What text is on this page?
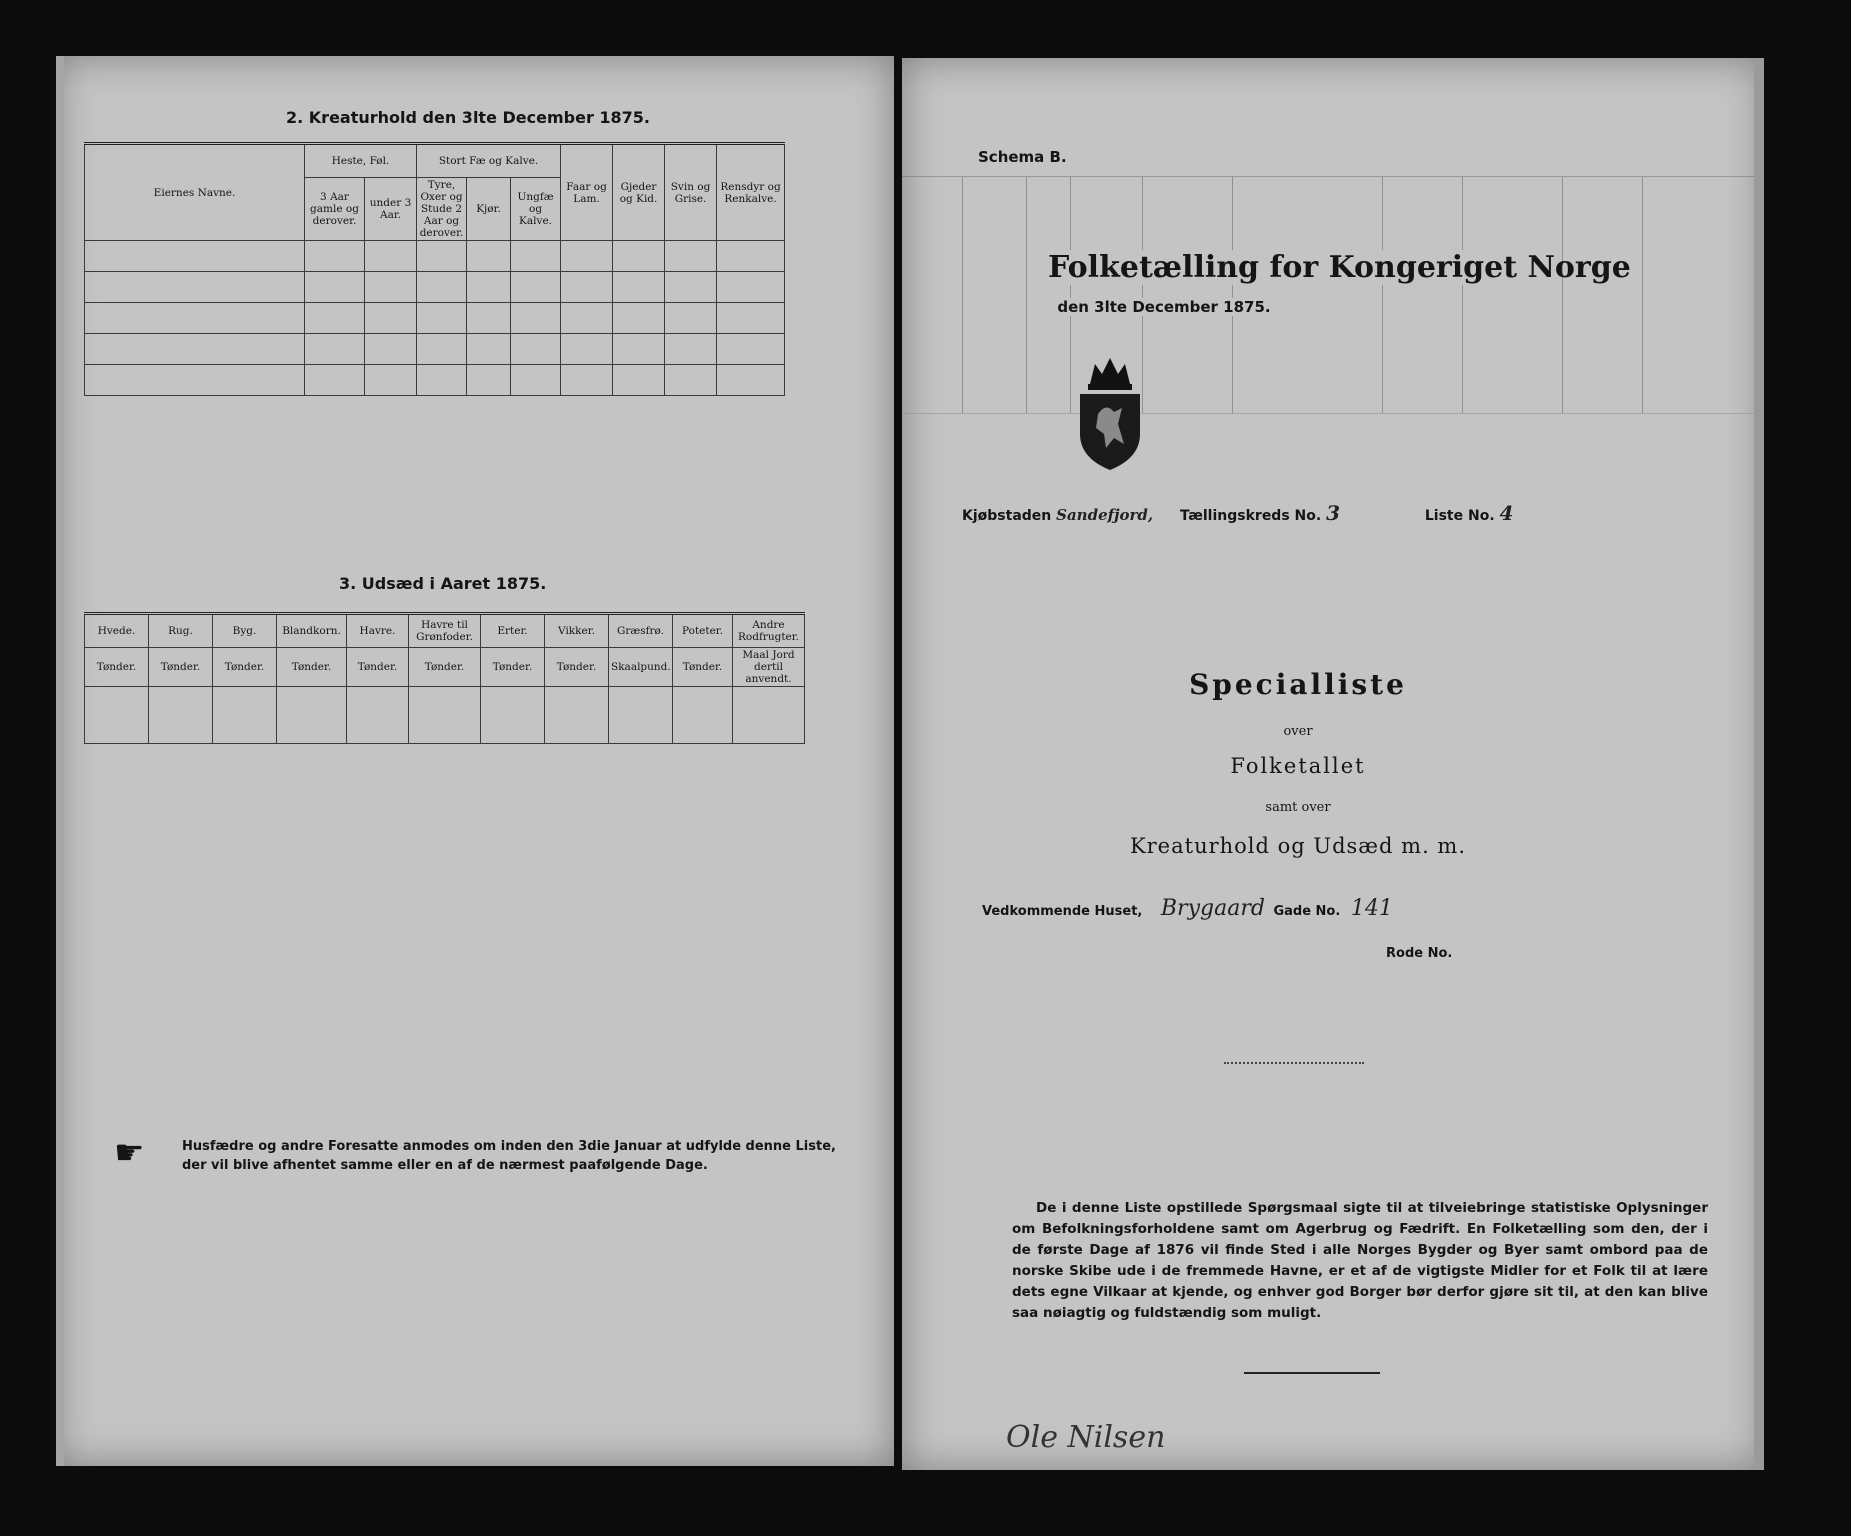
2. Kreaturhold den 3lte December 1875.
Eiernes Navne.	Heste, Føl.		Stort Fæ og Kalve.			Faar og Lam.	Gjeder og Kid.	Svin og Grise.	Rensdyr og Renkalve.
	3 Aar gamle og derover.	under 3 Aar.	Tyre, Oxer og Stude 2 Aar og derover.	Kjør.	Ungfæ og Kalve.				

3. Udsæd i Aaret 1875.
Hvede.	Rug.	Byg.	Blandkorn.	Havre.	Havre til Grønfoder.	Erter.	Vikker.	Græsfrø.	Poteter.	Andre Rodfrugter.
Tønder.	Tønder.	Tønder.	Tønder.	Tønder.	Tønder.	Tønder.	Tønder.	Skaalpund.	Tønder.	Maal Jord dertil anvendt.

☛	Husfædre og andre Foresatte anmodes om inden den 3die Januar at udfylde denne Liste, der vil blive afhentet samme eller en af de nærmest paafølgende Dage.
Schema B.
Folketælling for Kongeriget Norge
den 3lte December 1875.
Kjøbstaden Sandefjord, Tællingskreds No. 3	Liste No. 4
Specialliste
over
Folketallet
samt over
Kreaturhold og Udsæd m. m.
Vedkommende Huset, Brygaard Gade No. 141
Rode No.
De i denne Liste opstillede Spørgsmaal sigte til at tilveiebringe statistiske Oplysninger om Befolkningsforholdene samt om Agerbrug og Fædrift. En Folketælling som den, der i de første Dage af 1876 vil finde Sted i alle Norges Bygder og Byer samt ombord paa de norske Skibe ude i de fremmede Havne, er et af de vigtigste Midler for et Folk til at lære dets egne Vilkaar at kjende, og enhver god Borger bør derfor gjøre sit til, at den kan blive saa nøiagtig og fuldstændig som muligt.
Ole Nilsen
